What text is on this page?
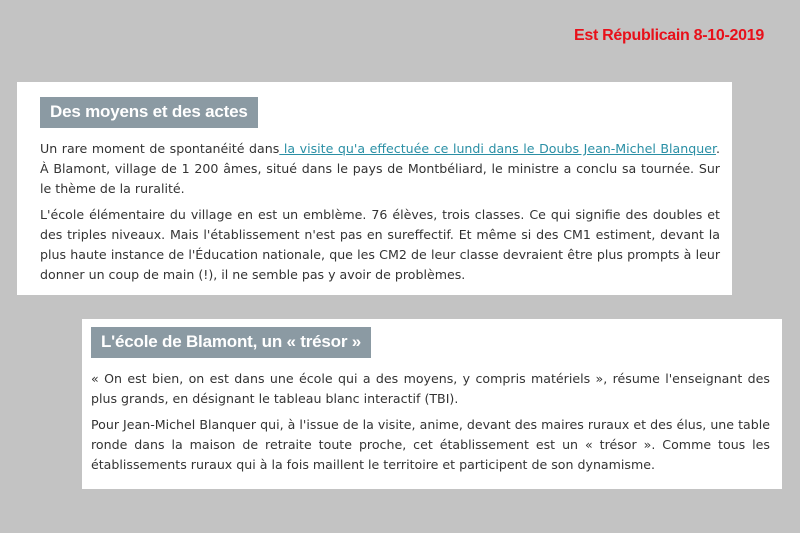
Est Républicain 8-10-2019
Des moyens et des actes

Un rare moment de spontanéité dans la visite qu'a effectuée ce lundi dans le Doubs Jean-Michel Blanquer. À Blamont, village de 1 200 âmes, situé dans le pays de Montbéliard, le ministre a conclu sa tournée. Sur le thème de la ruralité.

L'école élémentaire du village en est un emblème. 76 élèves, trois classes. Ce qui signifie des doubles et des triples niveaux. Mais l'établissement n'est pas en sureffectif. Et même si des CM1 estiment, devant la plus haute instance de l'Éducation nationale, que les CM2 de leur classe devraient être plus prompts à leur donner un coup de main (!), il ne semble pas y avoir de problèmes.

L'école de Blamont, un « trésor »

« On est bien, on est dans une école qui a des moyens, y compris matériels », résume l'enseignant des plus grands, en désignant le tableau blanc interactif (TBI).

Pour Jean-Michel Blanquer qui, à l'issue de la visite, anime, devant des maires ruraux et des élus, une table ronde dans la maison de retraite toute proche, cet établissement est un « trésor ». Comme tous les établissements ruraux qui à la fois maillent le territoire et participent de son dynamisme.
